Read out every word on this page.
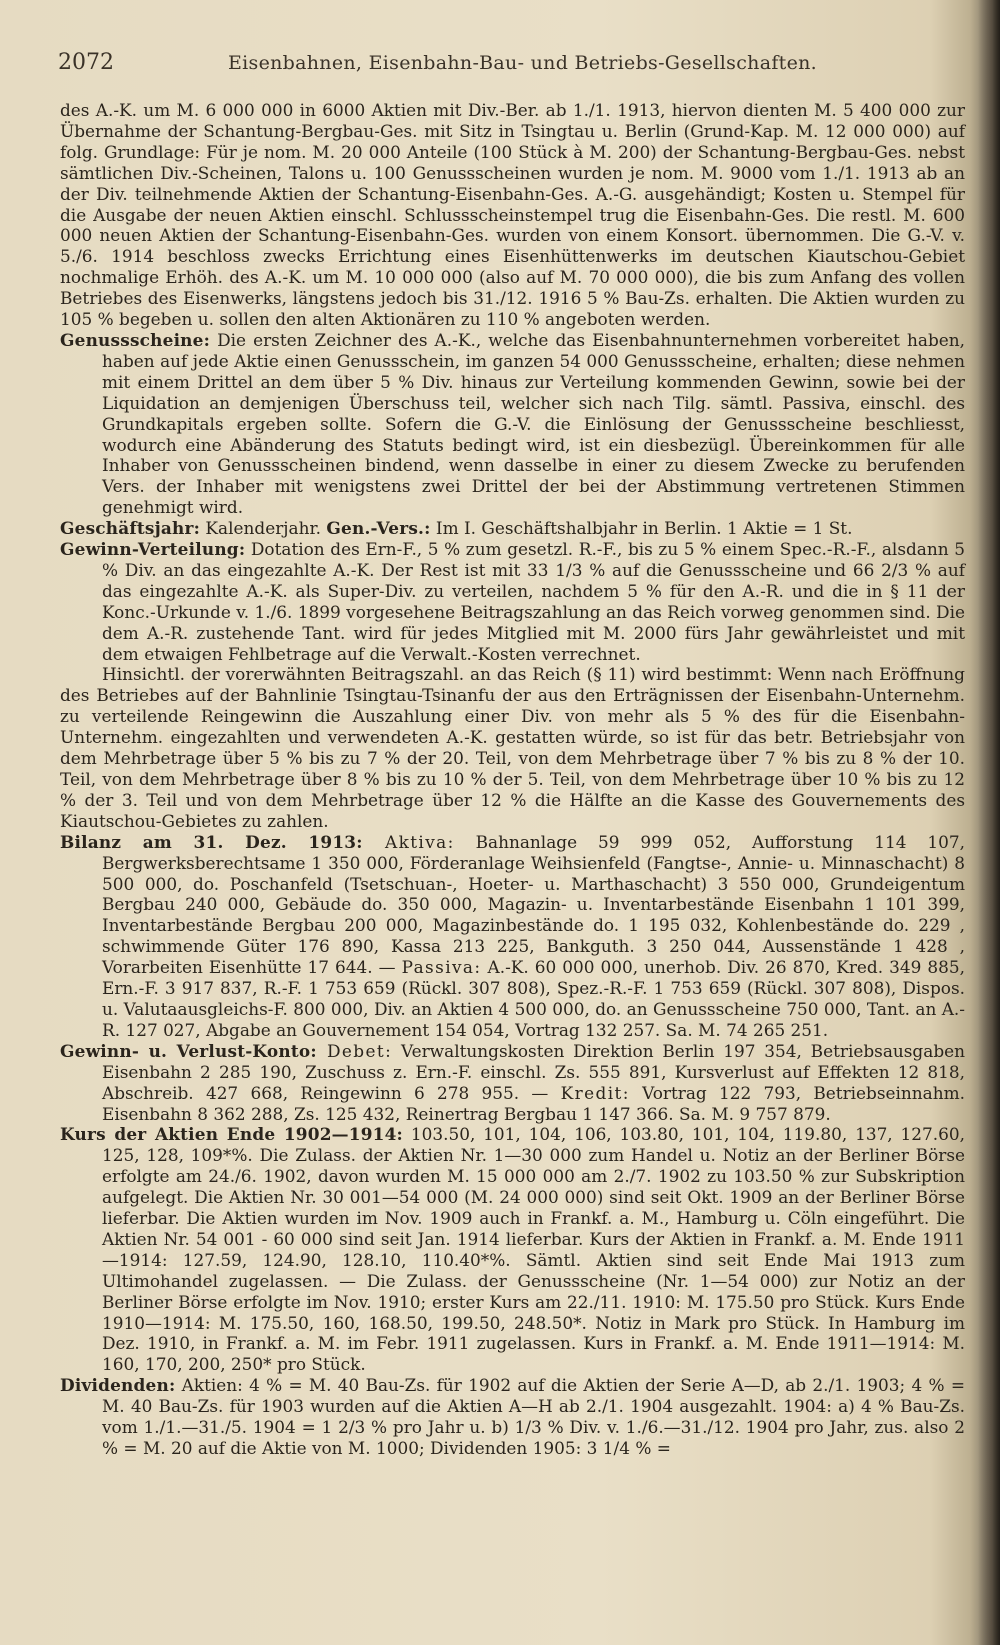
2072	Eisenbahnen, Eisenbahn-Bau- und Betriebs-Gesellschaften.

des A.-K. um M. 6 000 000 in 6000 Aktien mit Div.-Ber. ab 1./1. 1913, hiervon dienten M. 5 400 000 zur Übernahme der Schantung-Bergbau-Ges. mit Sitz in Tsingtau u. Berlin (Grund-Kap. M. 12 000 000) auf folg. Grundlage: Für je nom. M. 20 000 Anteile (100 Stück à M. 200) der Schantung-Bergbau-Ges. nebst sämtlichen Div.-Scheinen, Talons u. 100 Genussscheinen wurden je nom. M. 9000 vom 1./1. 1913 ab an der Div. teilnehmende Aktien der Schantung-Eisenbahn-Ges. A.-G. ausgehändigt; Kosten u. Stempel für die Ausgabe der neuen Aktien einschl. Schlussscheinstempel trug die Eisenbahn-Ges. Die restl. M. 600 000 neuen Aktien der Schantung-Eisenbahn-Ges. wurden von einem Konsort. übernommen. Die G.-V. v. 5./6. 1914 beschloss zwecks Errichtung eines Eisenhüttenwerks im deutschen Kiautschou-Gebiet nochmalige Erhöh. des A.-K. um M. 10 000 000 (also auf M. 70 000 000), die bis zum Anfang des vollen Betriebes des Eisenwerks, längstens jedoch bis 31./12. 1916 5 % Bau-Zs. erhalten. Die Aktien wurden zu 105 % begeben u. sollen den alten Aktionären zu 110 % angeboten werden.

Genussscheine: Die ersten Zeichner des A.-K., welche das Eisenbahnunternehmen vorbereitet haben, haben auf jede Aktie einen Genussschein, im ganzen 54 000 Genussscheine, erhalten; diese nehmen mit einem Drittel an dem über 5 % Div. hinaus zur Verteilung kommenden Gewinn, sowie bei der Liquidation an demjenigen Überschuss teil, welcher sich nach Tilg. sämtl. Passiva, einschl. des Grundkapitals ergeben sollte. Sofern die G.-V. die Einlösung der Genussscheine beschliesst, wodurch eine Abänderung des Statuts bedingt wird, ist ein diesbezügl. Übereinkommen für alle Inhaber von Genussscheinen bindend, wenn dasselbe in einer zu diesem Zwecke zu berufenden Vers. der Inhaber mit wenigstens zwei Drittel der bei der Abstimmung vertretenen Stimmen genehmigt wird.

Geschäftsjahr: Kalenderjahr. Gen.-Vers.: Im I. Geschäftshalbjahr in Berlin. 1 Aktie = 1 St.

Gewinn-Verteilung: Dotation des Ern-F., 5 % zum gesetzl. R.-F., bis zu 5 % einem Spec.-R.-F., alsdann 5 % Div. an das eingezahlte A.-K. Der Rest ist mit 33 1/3 % auf die Genussscheine und 66 2/3 % auf das eingezahlte A.-K. als Super-Div. zu verteilen, nachdem 5 % für den A.-R. und die in § 11 der Konc.-Urkunde v. 1./6. 1899 vorgesehene Beitragszahlung an das Reich vorweg genommen sind. Die dem A.-R. zustehende Tant. wird für jedes Mitglied mit M. 2000 fürs Jahr gewährleistet und mit dem etwaigen Fehlbetrage auf die Verwalt.-Kosten verrechnet.

Hinsichtl. der vorerwähnten Beitragszahl. an das Reich (§ 11) wird bestimmt: Wenn nach Eröffnung des Betriebes auf der Bahnlinie Tsingtau-Tsinanfu der aus den Erträgnissen der Eisenbahn-Unternehm. zu verteilende Reingewinn die Auszahlung einer Div. von mehr als 5 % des für die Eisenbahn-Unternehm. eingezahlten und verwendeten A.-K. gestatten würde, so ist für das betr. Betriebsjahr von dem Mehrbetrage über 5 % bis zu 7 % der 20. Teil, von dem Mehrbetrage über 7 % bis zu 8 % der 10. Teil, von dem Mehrbetrage über 8 % bis zu 10 % der 5. Teil, von dem Mehrbetrage über 10 % bis zu 12 % der 3. Teil und von dem Mehrbetrage über 12 % die Hälfte an die Kasse des Gouvernements des Kiautschou-Gebietes zu zahlen.

Bilanz am 31. Dez. 1913: Aktiva: Bahnanlage 59 999 052, Aufforstung 114 107, Bergwerksberechtsame 1 350 000, Förderanlage Weihsienfeld (Fangtse-, Annie- u. Minnaschacht) 8 500 000, do. Poschanfeld (Tsetschuan-, Hoeter- u. Marthaschacht) 3 550 000, Grundeigentum Bergbau 240 000, Gebäude do. 350 000, Magazin- u. Inventarbestände Eisenbahn 1 101 399, Inventarbestände Bergbau 200 000, Magazinbestände do. 1 195 032, Kohlenbestände do. 229 , schwimmende Güter 176 890, Kassa 213 225, Bankguth. 3 250 044, Aussenstände 1 428 , Vorarbeiten Eisenhütte 17 644. — Passiva: A.-K. 60 000 000, unerhob. Div. 26 870, Kred. 349 885, Ern.-F. 3 917 837, R.-F. 1 753 659 (Rückl. 307 808), Spez.-R.-F. 1 753 659 (Rückl. 307 808), Dispos. u. Valutaausgleichs-F. 800 000, Div. an Aktien 4 500 000, do. an Genussscheine 750 000, Tant. an A.-R. 127 027, Abgabe an Gouvernement 154 054, Vortrag 132 257. Sa. M. 74 265 251.

Gewinn- u. Verlust-Konto: Debet: Verwaltungskosten Direktion Berlin 197 354, Betriebsausgaben Eisenbahn 2 285 190, Zuschuss z. Ern.-F. einschl. Zs. 555 891, Kursverlust auf Effekten 12 818, Abschreib. 427 668, Reingewinn 6 278 955. — Kredit: Vortrag 122 793, Betriebseinnahm. Eisenbahn 8 362 288, Zs. 125 432, Reinertrag Bergbau 1 147 366. Sa. M. 9 757 879.

Kurs der Aktien Ende 1902—1914: 103.50, 101, 104, 106, 103.80, 101, 104, 119.80, 137, 127.60, 125, 128, 109*%. Die Zulass. der Aktien Nr. 1—30 000 zum Handel u. Notiz an der Berliner Börse erfolgte am 24./6. 1902, davon wurden M. 15 000 000 am 2./7. 1902 zu 103.50 % zur Subskription aufgelegt. Die Aktien Nr. 30 001—54 000 (M. 24 000 000) sind seit Okt. 1909 an der Berliner Börse lieferbar. Die Aktien wurden im Nov. 1909 auch in Frankf. a. M., Hamburg u. Cöln eingeführt. Die Aktien Nr. 54 001 - 60 000 sind seit Jan. 1914 lieferbar. Kurs der Aktien in Frankf. a. M. Ende 1911—1914: 127.59, 124.90, 128.10, 110.40*%. Sämtl. Aktien sind seit Ende Mai 1913 zum Ultimohandel zugelassen. — Die Zulass. der Genussscheine (Nr. 1—54 000) zur Notiz an der Berliner Börse erfolgte im Nov. 1910; erster Kurs am 22./11. 1910: M. 175.50 pro Stück. Kurs Ende 1910—1914: M. 175.50, 160, 168.50, 199.50, 248.50*. Notiz in Mark pro Stück. In Hamburg im Dez. 1910, in Frankf. a. M. im Febr. 1911 zugelassen. Kurs in Frankf. a. M. Ende 1911—1914: M. 160, 170, 200, 250* pro Stück.

Dividenden: Aktien: 4 % = M. 40 Bau-Zs. für 1902 auf die Aktien der Serie A—D, ab 2./1. 1903; 4 % = M. 40 Bau-Zs. für 1903 wurden auf die Aktien A—H ab 2./1. 1904 ausgezahlt. 1904: a) 4 % Bau-Zs. vom 1./1.—31./5. 1904 = 1 2/3 % pro Jahr u. b) 1/3 % Div. v. 1./6.—31./12. 1904 pro Jahr, zus. also 2 % = M. 20 auf die Aktie von M. 1000; Dividenden 1905: 3 1/4 % =
